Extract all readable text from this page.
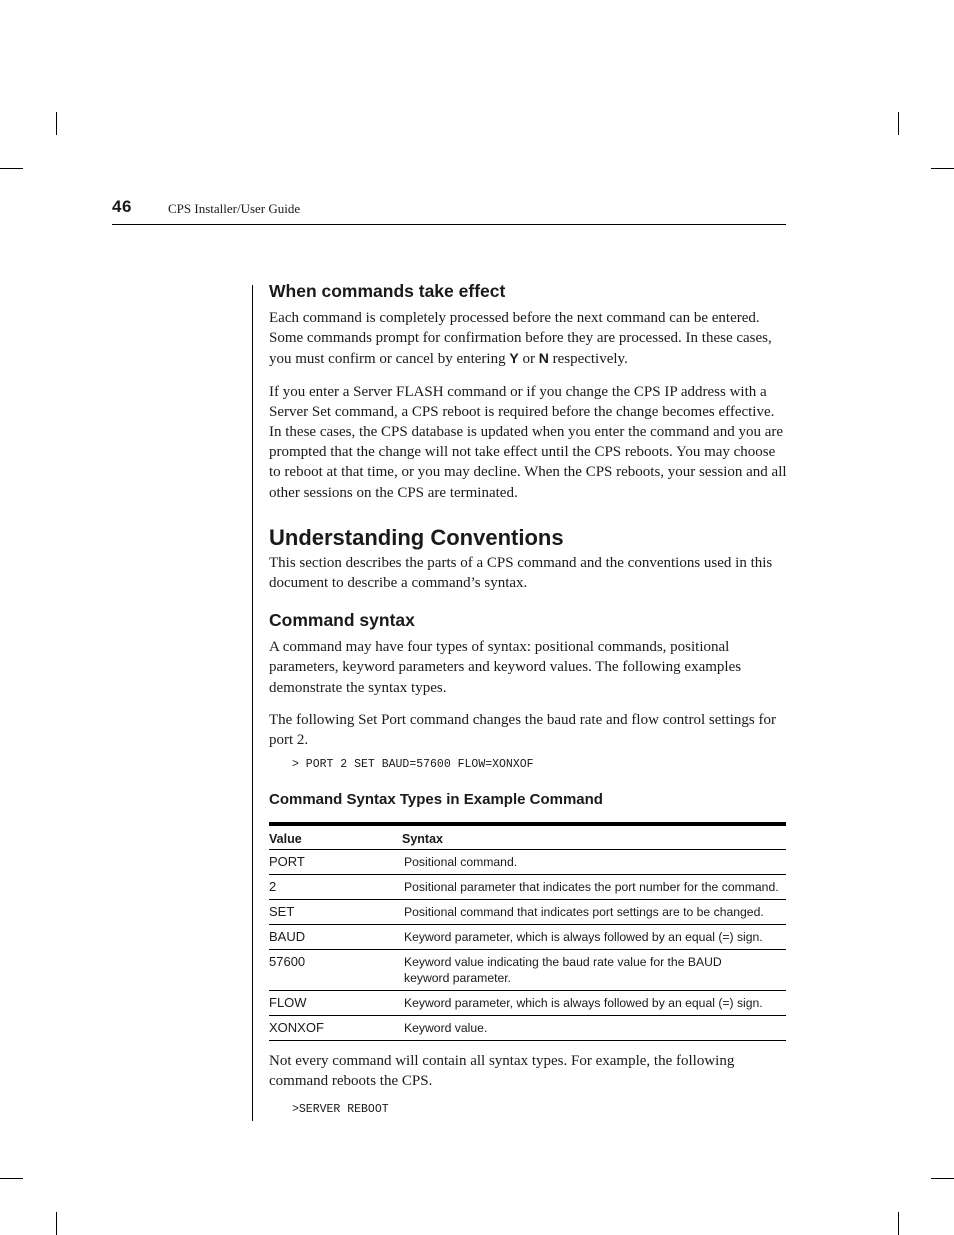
46	CPS Installer/User Guide
When commands take effect

Each command is completely processed before the next command can be entered. Some commands prompt for confirmation before they are processed. In these cases, you must confirm or cancel by entering Y or N respectively.

If you enter a Server FLASH command or if you change the CPS IP address with a Server Set command, a CPS reboot is required before the change becomes effective. In these cases, the CPS database is updated when you enter the command and you are prompted that the change will not take effect until the CPS reboots. You may choose to reboot at that time, or you may decline. When the CPS reboots, your session and all other sessions on the CPS are terminated.

Understanding Conventions

This section describes the parts of a CPS command and the conventions used in this document to describe a command’s syntax.

Command syntax

A command may have four types of syntax: positional commands, positional parameters, keyword parameters and keyword values. The following examples demonstrate the syntax types.

The following Set Port command changes the baud rate and flow control settings for port 2.

> PORT 2 SET BAUD=57600 FLOW=XONXOF
Command Syntax Types in Example Command
Value	Syntax
PORT	Positional command.
2	Positional parameter that indicates the port number for the command.
SET	Positional command that indicates port settings are to be changed.
BAUD	Keyword parameter, which is always followed by an equal (=) sign.
57600	Keyword value indicating the baud rate value for the BAUD keyword parameter.
FLOW	Keyword parameter, which is always followed by an equal (=) sign.
XONXOF	Keyword value.

Not every command will contain all syntax types. For example, the following command reboots the CPS.

>SERVER REBOOT
